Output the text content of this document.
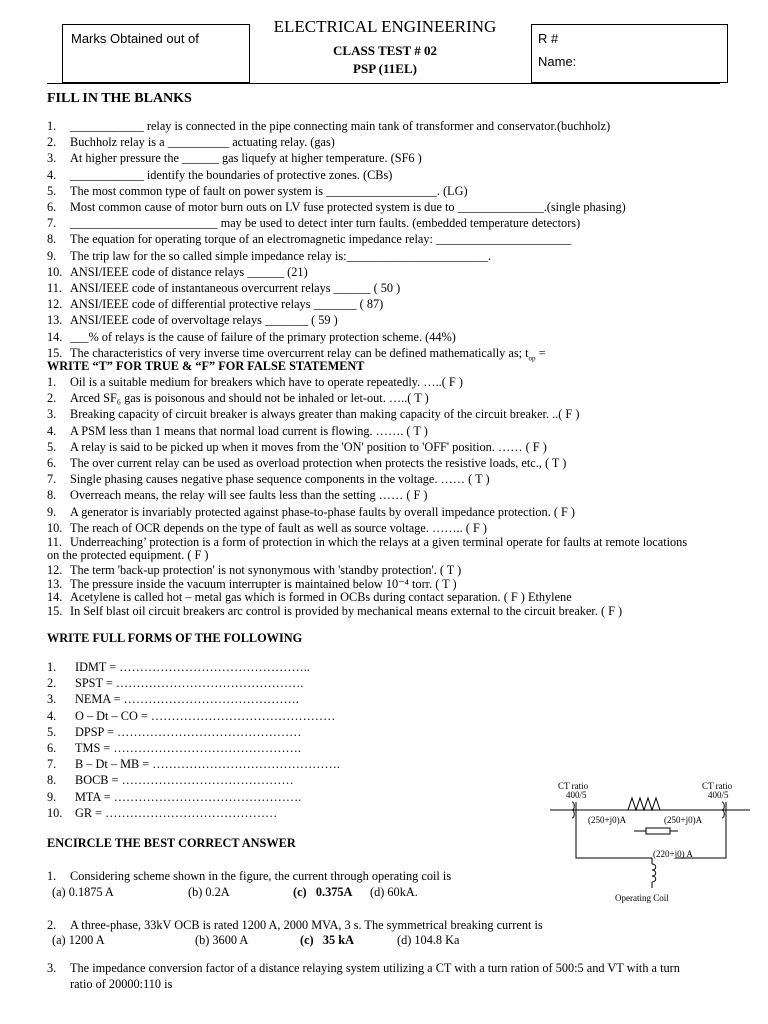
Marks Obtained out of
ELECTRICAL ENGINEERING
CLASS TEST # 02
PSP (11EL)
R #
Name:
FILL IN THE BLANKS
1. ____________ relay is connected in the pipe connecting main tank of transformer and conservator.(buchholz)
2. Buchholz relay is a __________ actuating relay. (gas)
3. At higher pressure the ______ gas liquefy at higher temperature. (SF6 )
4. ____________ identify the boundaries of protective zones. (CBs)
5. The most common type of fault on power system is __________________. (LG)
6. Most common cause of motor burn outs on LV fuse protected system is due to ______________.(single phasing)
7. ________________________ may be used to detect inter turn faults. (embedded temperature detectors)
8. The equation for operating torque of an electromagnetic impedance relay: ______________________
9. The trip law for the so called simple impedance relay is:_______________________.
10. ANSI/IEEE code of distance relays ______ (21)
11. ANSI/IEEE code of instantaneous overcurrent relays ______ ( 50 )
12. ANSI/IEEE code of differential protective relays _______ ( 87)
13. ANSI/IEEE code of overvoltage relays _______ ( 59 )
14. ___% of relays is the cause of failure of the primary protection scheme. (44%)
15. The characteristics of very inverse time overcurrent relay can be defined mathematically as; $t_{op}$ =
WRITE “T” FOR TRUE & “F” FOR FALSE STATEMENT
1. Oil is a suitable medium for breakers which have to operate repeatedly. …..( F )
2. Arced SF₆ gas is poisonous and should not be inhaled or let-out. …..( T )
3. Breaking capacity of circuit breaker is always greater than making capacity of the circuit breaker. ..( F )
4. A PSM less than 1 means that normal load current is flowing. ……. ( T )
5. A relay is said to be picked up when it moves from the 'ON' position to 'OFF' position. …… ( F )
6. The over current relay can be used as overload protection when protects the resistive loads, etc., ( T )
7. Single phasing causes negative phase sequence components in the voltage. …… ( T )
8. Overreach means, the relay will see faults less than the setting …… ( F )
9. A generator is invariably protected against phase-to-phase faults by overall impedance protection. ( F )
10. The reach of OCR depends on the type of fault as well as source voltage. …….. ( F )
11. Underreaching’ protection is a form of protection in which the relays at a given terminal operate for faults at remote locations
on the protected equipment. ( F )
12. The term 'back-up protection' is not synonymous with 'standby protection'. ( T )
13. The pressure inside the vacuum interrupter is maintained below 10⁻⁴ torr. ( T )
14. Acetylene is called hot – metal gas which is formed in OCBs during contact separation. ( F ) Ethylene
15. In Self blast oil circuit breakers arc control is provided by mechanical means external to the circuit breaker. ( F )
WRITE FULL FORMS OF THE FOLLOWING
1. IDMT = ………………………………………..
2. SPST = ……………………………………….
3. NEMA = …………………………………….
4. O – Dt – CO = ………………………………………
5. DPSP = ………………………………………
6. TMS = ……………………………………….
7. B – Dt – MB = ……………………………………….
8. BOCB = ……………………………………
9. MTA = ……………………………………….
10. GR = ……………………………………
CT ratio
400/5
CT ratio
400/5
(250+j0)A	(250+j0)A
(220+j0) A
Operating Coil
ENCIRCLE THE BEST CORRECT ANSWER
1. Considering scheme shown in the figure, the current through operating coil is
(a) 0.1875 A	(b) 0.2A	(c) 0.375A (d) 60kA.
2. A three-phase, 33kV OCB is rated 1200 A, 2000 MVA, 3 s. The symmetrical breaking current is
(a) 1200 A	(b) 3600 A	(c) 35 kA	(d) 104.8 Ka
3. The impedance conversion factor of a distance relaying system utilizing a CT with a turn ration of 500:5 and VT with a turn
ratio of 20000:110 is
